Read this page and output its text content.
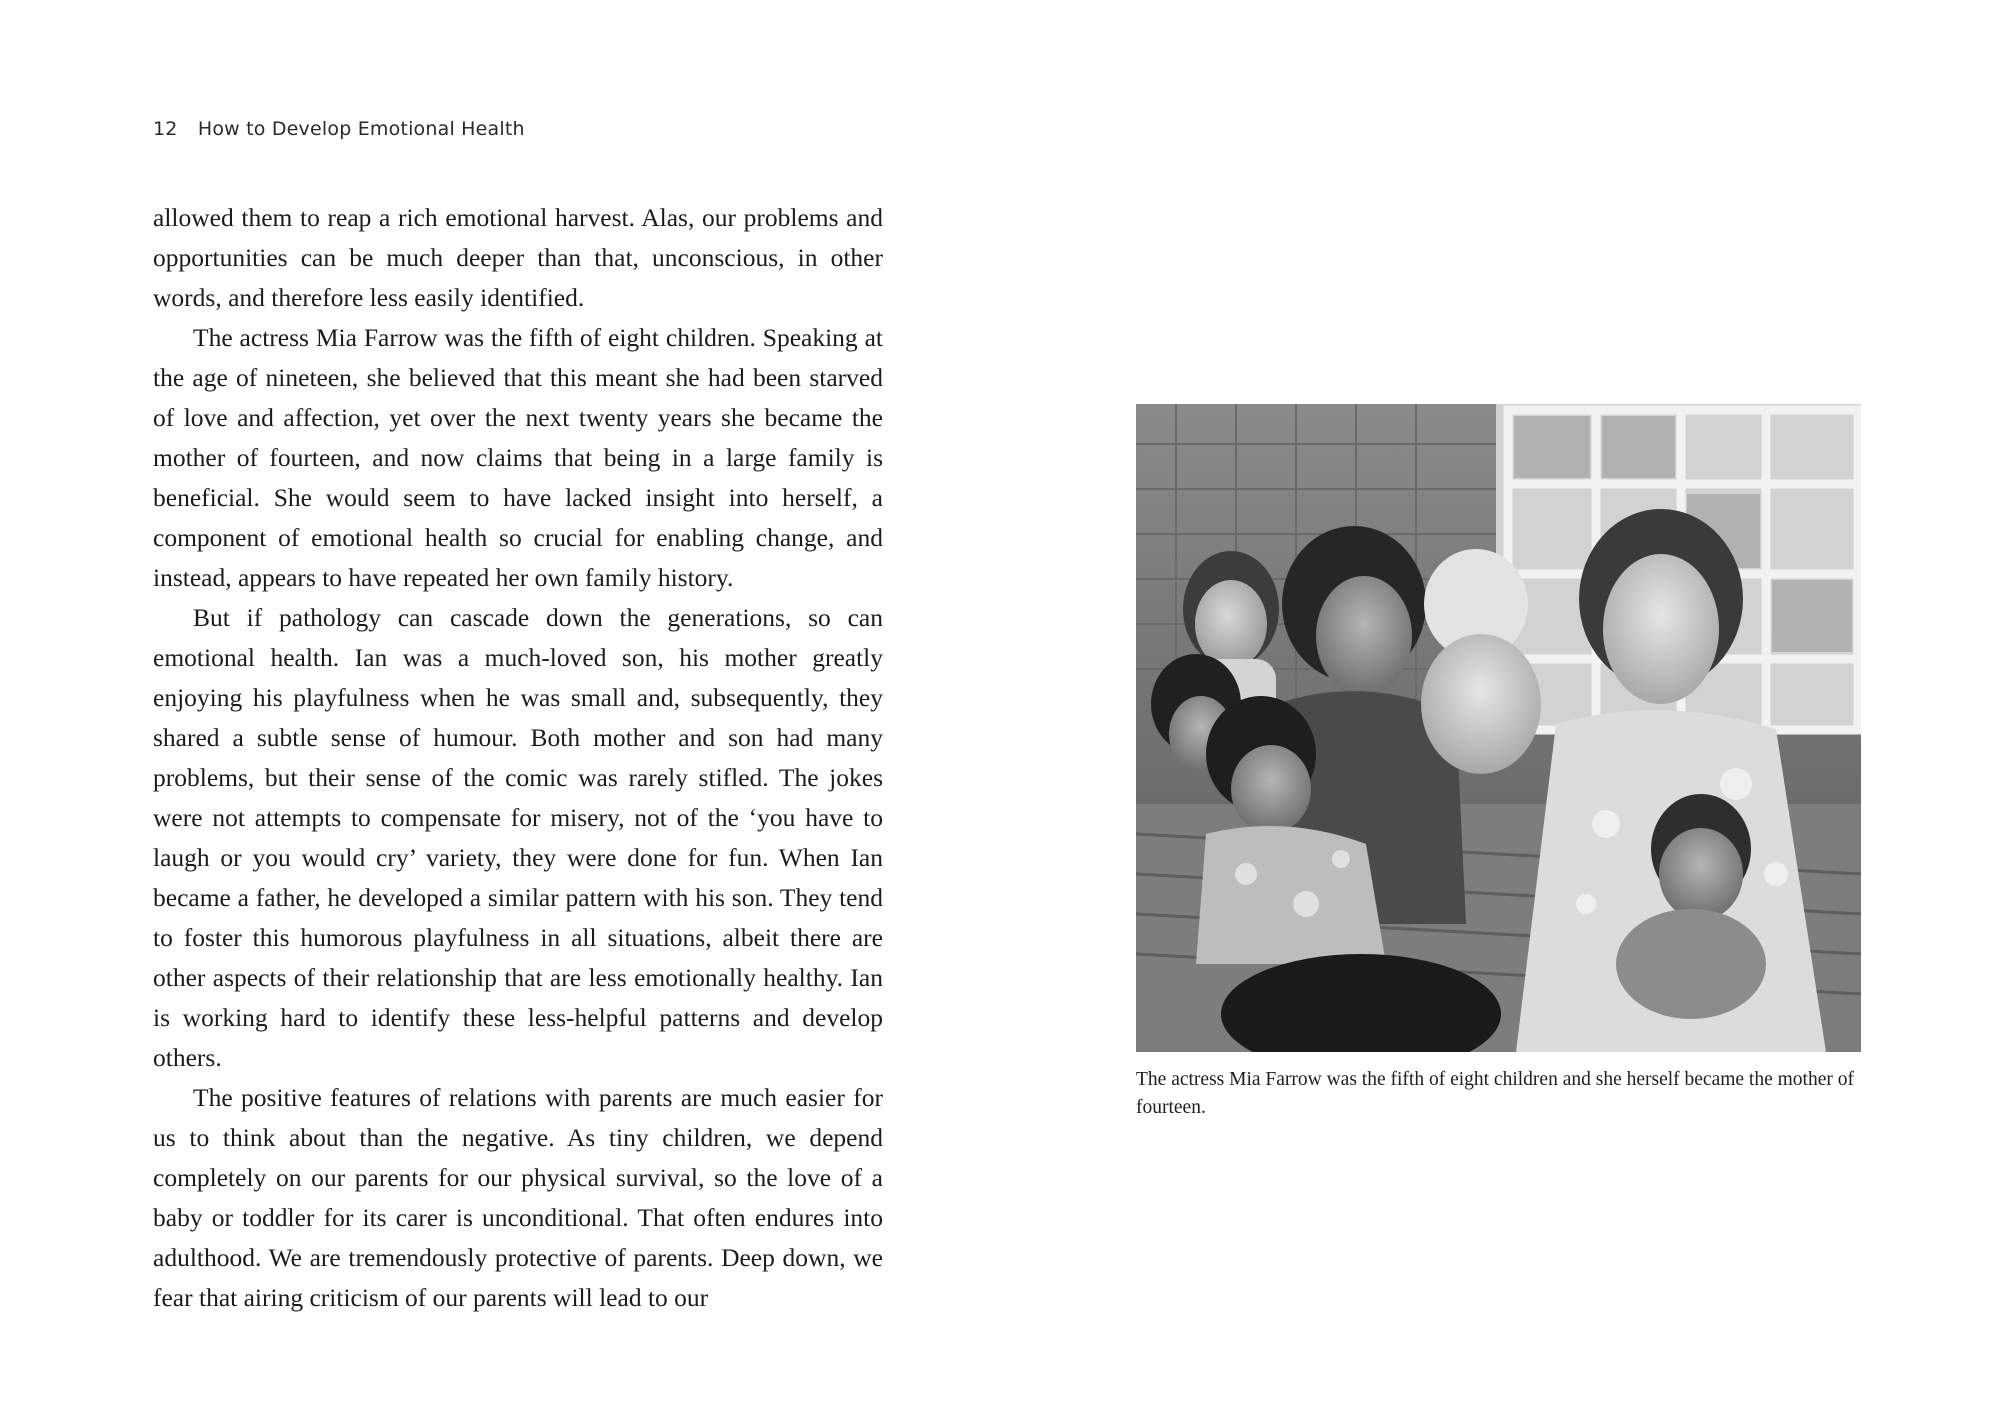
12 How to Develop Emotional Health

allowed them to reap a rich emotional harvest. Alas, our problems and opportunities can be much deeper than that, unconscious, in other words, and therefore less easily identified.

The actress Mia Farrow was the fifth of eight children. Speaking at the age of nineteen, she believed that this meant she had been starved of love and affection, yet over the next twenty years she became the mother of fourteen, and now claims that being in a large family is beneficial. She would seem to have lacked insight into herself, a component of emotional health so crucial for enabling change, and instead, appears to have repeated her own family history.

But if pathology can cascade down the generations, so can emotional health. Ian was a much-loved son, his mother greatly enjoying his playfulness when he was small and, subsequently, they shared a subtle sense of humour. Both mother and son had many problems, but their sense of the comic was rarely stifled. The jokes were not attempts to compensate for misery, not of the ‘you have to laugh or you would cry’ variety, they were done for fun. When Ian became a father, he developed a similar pattern with his son. They tend to foster this humorous playfulness in all situations, albeit there are other aspects of their relationship that are less emotionally healthy. Ian is working hard to identify these less-helpful patterns and develop others.

The positive features of relations with parents are much easier for us to think about than the negative. As tiny children, we depend completely on our parents for our physical survival, so the love of a baby or toddler for its carer is unconditional. That often endures into adulthood. We are tremendously protective of parents. Deep down, we fear that airing criticism of our parents will lead to our

The actress Mia Farrow was the fifth of eight children and she herself became the mother of fourteen.
